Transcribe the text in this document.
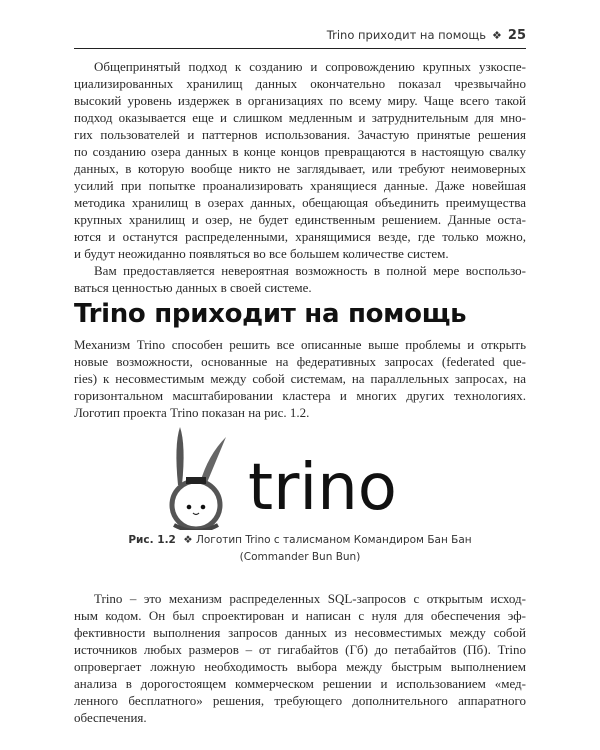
Trino приходит на помощь ❖ 25
Общепринятый подход к созданию и сопровождению крупных узкоспе-
циализированных хранилищ данных окончательно показал чрезвычайно
высокий уровень издержек в организациях по всему миру. Чаще всего такой
подход оказывается еще и слишком медленным и затруднительным для мно-
гих пользователей и паттернов использования. Зачастую принятые решения
по созданию озера данных в конце концов превращаются в настоящую свалку
данных, в которую вообще никто не заглядывает, или требуют неимоверных
усилий при попытке проанализировать хранящиеся данные. Даже новейшая
методика хранилищ в озерах данных, обещающая объединить преимущества
крупных хранилищ и озер, не будет единственным решением. Данные оста-
ются и останутся распределенными, хранящимися везде, где только можно,
и будут неожиданно появляться во все большем количестве систем.
Вам предоставляется невероятная возможность в полной мере воспользо-
ваться ценностью данных в своей системе.
Trino приходит на помощь
Механизм Trino способен решить все описанные выше проблемы и открыть
новые возможности, основанные на федеративных запросах (federated que-
ries) к несовместимым между собой системам, на параллельных запросах, на
горизонтальном масштабировании кластера и многих других технологиях.
Логотип проекта Trino показан на рис. 1.2.
trino
Рис. 1.2 ❖ Логотип Trino с талисманом Командиром Бан Бан
(Commander Bun Bun)
Trino – это механизм распределенных SQL-запросов с открытым исход-
ным кодом. Он был спроектирован и написан с нуля для обеспечения эф-
фективности выполнения запросов данных из несовместимых между собой
источников любых размеров – от гигабайтов (Гб) до петабайтов (Пб). Trino
опровергает ложную необходимость выбора между быстрым выполнением
анализа в дорогостоящем коммерческом решении и использованием «мед-
ленного бесплатного» решения, требующего дополнительного аппаратного
обеспечения.
